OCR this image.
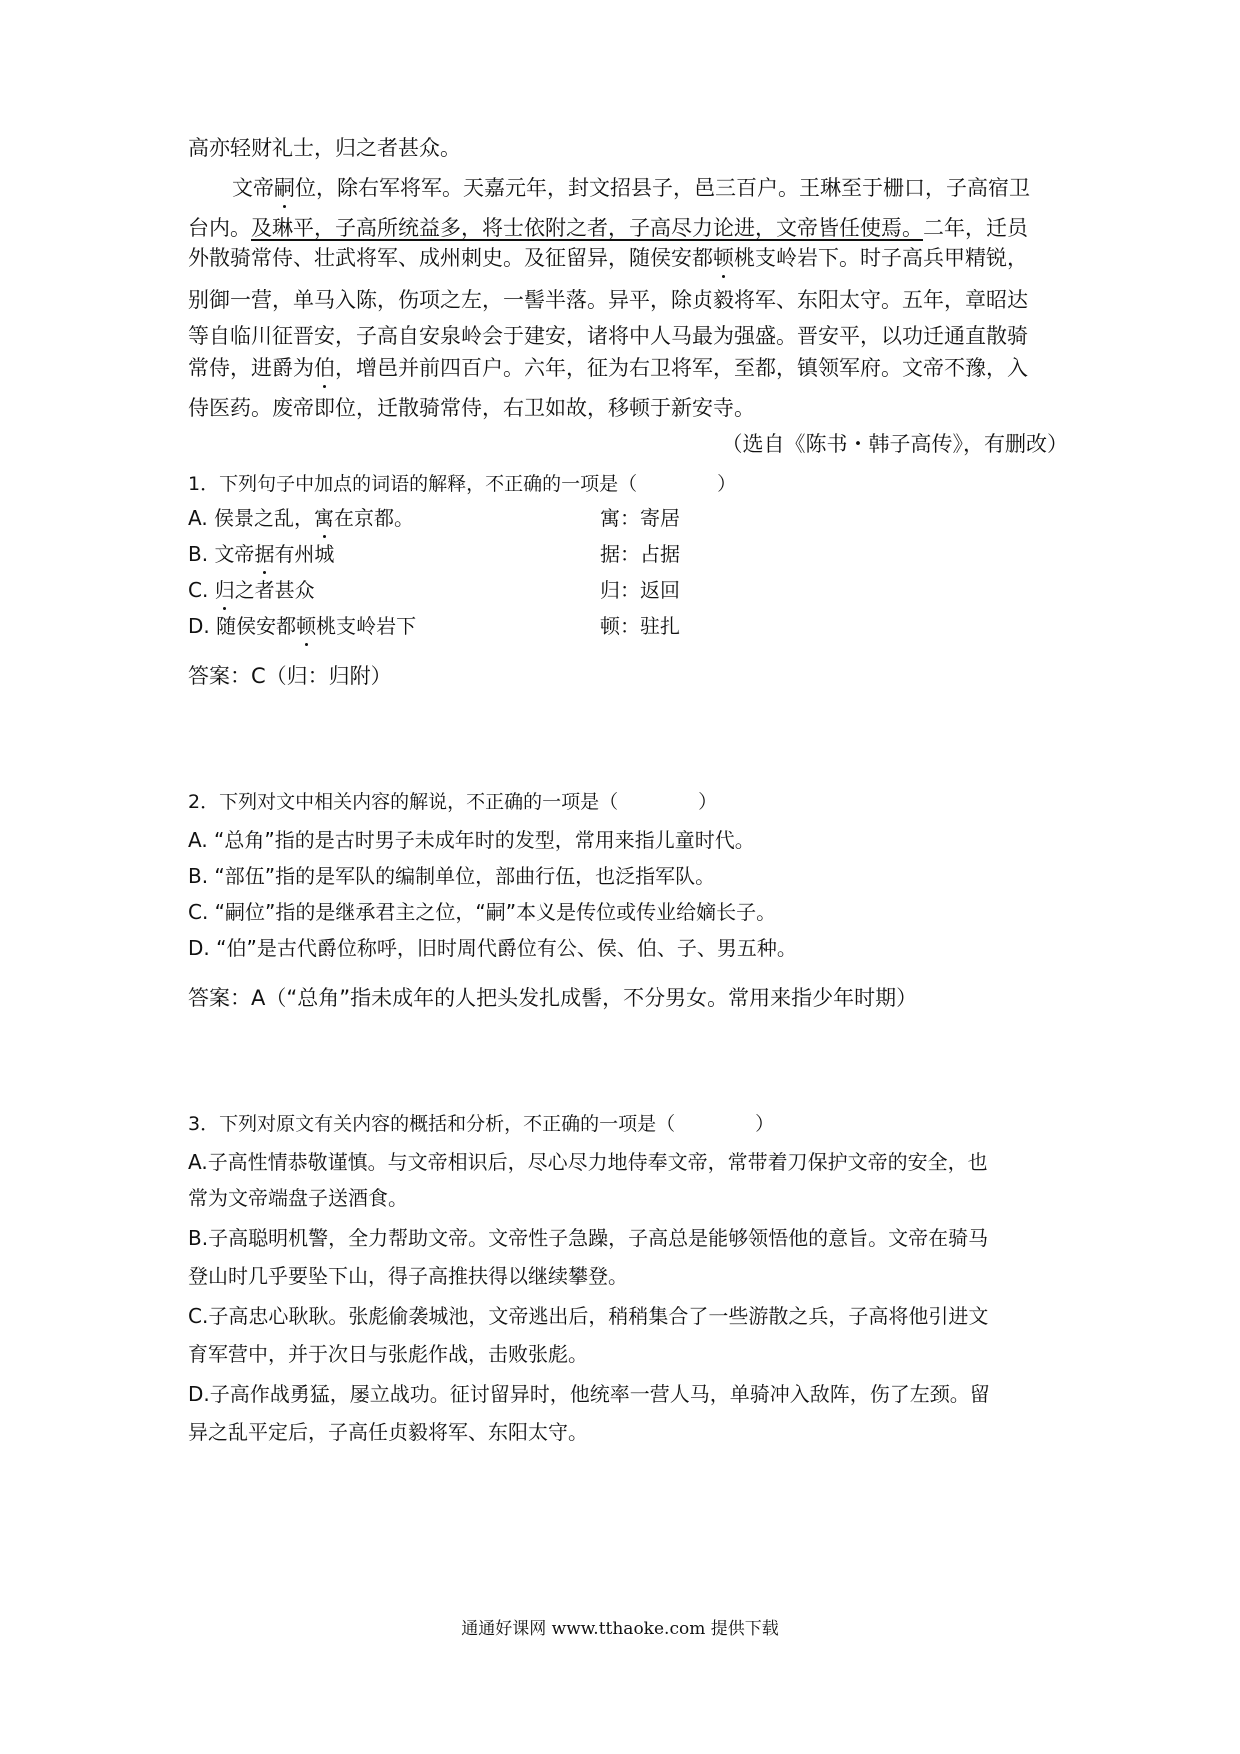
高亦轻财礼士，归之者甚众。
文帝嗣位，除右军将军。天嘉元年，封文招县子，邑三百户。王琳至于栅口，子高宿卫
台内。及琳平，子高所统益多，将士依附之者，子高尽力论进，文帝皆任使焉。二年，迁员
外散骑常侍、壮武将军、成州刺史。及征留异，随侯安都顿桃支岭岩下。时子高兵甲精锐，
别御一营，单马入陈，伤项之左，一髻半落。异平，除贞毅将军、东阳太守。五年，章昭达
等自临川征晋安，子高自安泉岭会于建安，诸将中人马最为强盛。晋安平，以功迁通直散骑
常侍，进爵为伯，增邑并前四百户。六年，征为右卫将军，至都，镇领军府。文帝不豫，入
侍医药。废帝即位，迁散骑常侍，右卫如故，移顿于新安寺。
（选自《陈书・韩子高传》，有删改）
1．下列句子中加点的词语的解释，不正确的一项是（	）
A. 侯景之乱，寓在京都。	寓：寄居
B. 文帝据有州城	据：占据
C. 归之者甚众	归：返回
D. 随侯安都顿桃支岭岩下	顿：驻扎
答案：C（归：归附）
2．下列对文中相关内容的解说，不正确的一项是（	）
A. “总角”指的是古时男子未成年时的发型，常用来指儿童时代。
B. “部伍”指的是军队的编制单位，部曲行伍，也泛指军队。
C. “嗣位”指的是继承君主之位，“嗣”本义是传位或传业给嫡长子。
D. “伯”是古代爵位称呼，旧时周代爵位有公、侯、伯、子、男五种。
答案：A（“总角”指未成年的人把头发扎成髻，不分男女。常用来指少年时期）
3．下列对原文有关内容的概括和分析，不正确的一项是（	）
A.子高性情恭敬谨慎。与文帝相识后，尽心尽力地侍奉文帝，常带着刀保护文帝的安全，也
常为文帝端盘子送酒食。
B.子高聪明机警，全力帮助文帝。文帝性子急躁，子高总是能够领悟他的意旨。文帝在骑马
登山时几乎要坠下山，得子高推扶得以继续攀登。
C.子高忠心耿耿。张彪偷袭城池，文帝逃出后，稍稍集合了一些游散之兵，子高将他引进文
育军营中，并于次日与张彪作战，击败张彪。
D.子高作战勇猛，屡立战功。征讨留异时，他统率一营人马，单骑冲入敌阵，伤了左颈。留
异之乱平定后，子高任贞毅将军、东阳太守。
通通好课网 www.tthaoke.com 提供下载
